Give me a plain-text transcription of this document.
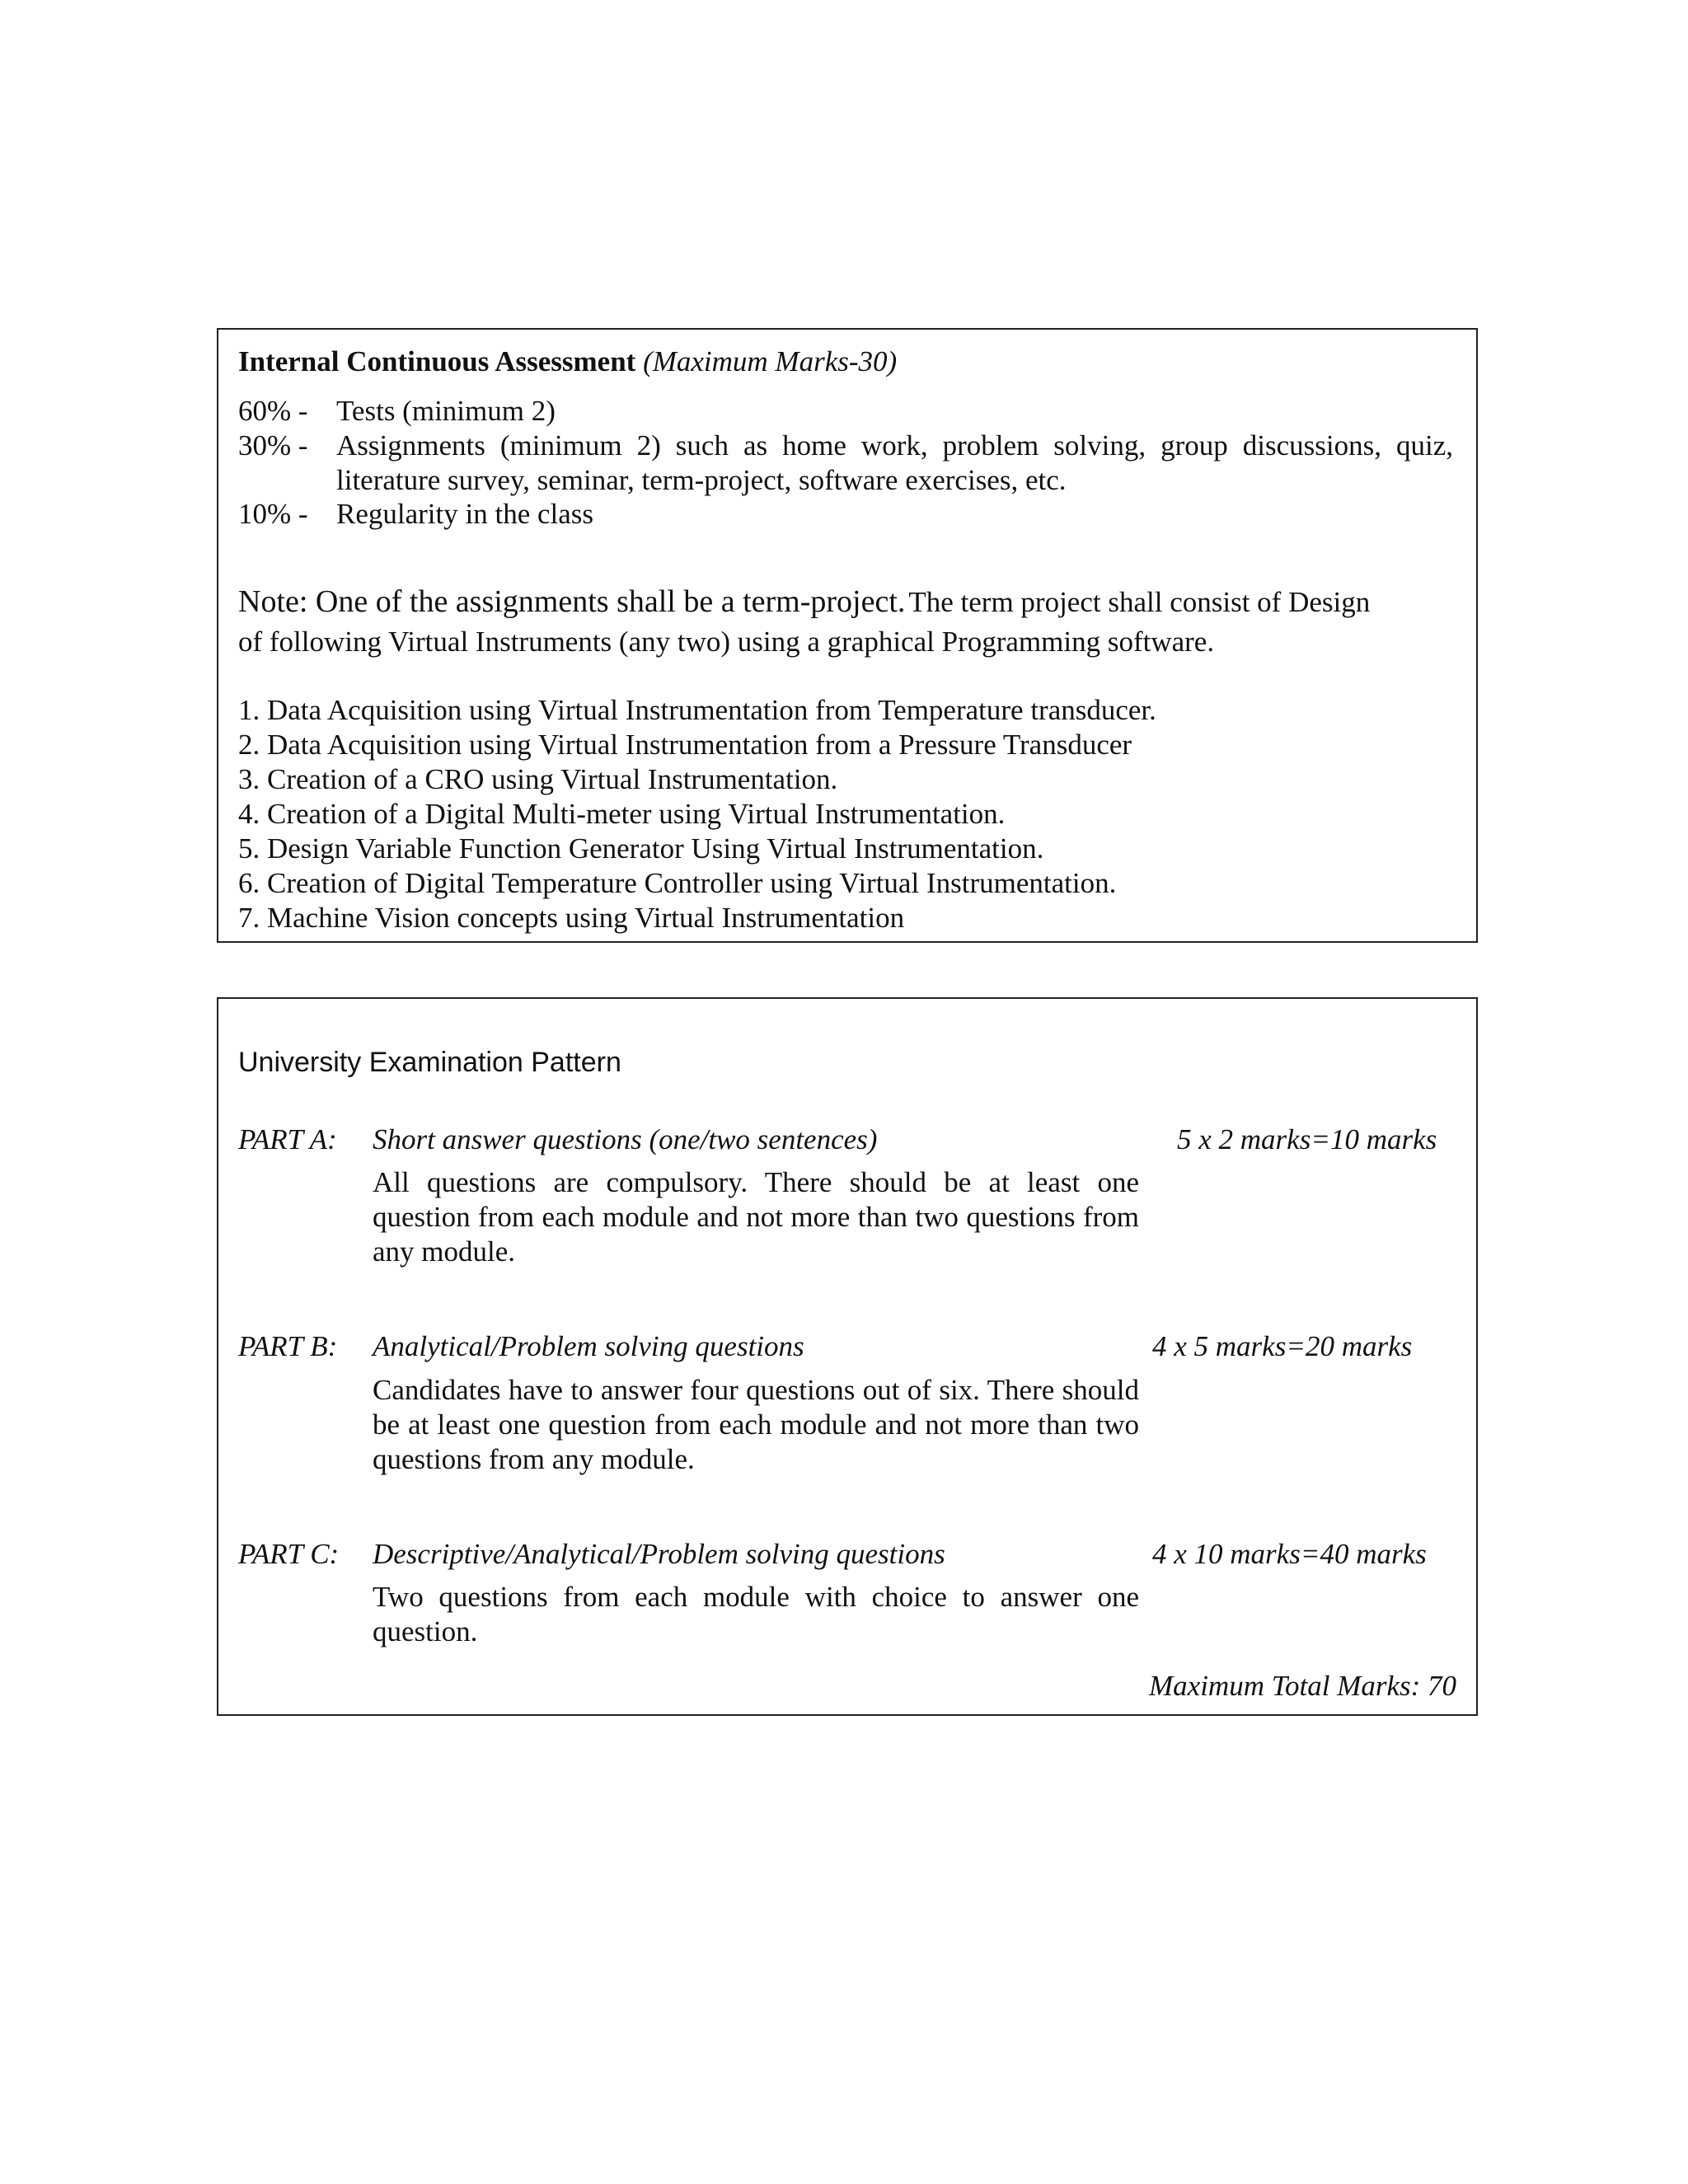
Internal Continuous Assessment (Maximum Marks-30)
60% - Tests (minimum 2)
30% - Assignments (minimum 2) such as home work, problem solving, group discussions, quiz, literature survey, seminar, term-project, software exercises, etc.
10% - Regularity in the class
Note: One of the assignments shall be a term-project. The term project shall consist of Design
of following Virtual Instruments (any two) using a graphical Programming software.
1. Data Acquisition using Virtual Instrumentation from Temperature transducer.
2. Data Acquisition using Virtual Instrumentation from a Pressure Transducer
3. Creation of a CRO using Virtual Instrumentation.
4. Creation of a Digital Multi-meter using Virtual Instrumentation.
5. Design Variable Function Generator Using Virtual Instrumentation.
6. Creation of Digital Temperature Controller using Virtual Instrumentation.
7. Machine Vision concepts using Virtual Instrumentation
University Examination Pattern
PART A: Short answer questions (one/two sentences)	5 x 2 marks=10 marks
All questions are compulsory. There should be at least one question from each module and not more than two questions from any module.
PART B: Analytical/Problem solving questions	4 x 5 marks=20 marks
Candidates have to answer four questions out of six. There should be at least one question from each module and not more than two questions from any module.
PART C: Descriptive/Analytical/Problem solving questions	4 x 10 marks=40 marks
Two questions from each module with choice to answer one question.
Maximum Total Marks: 70
